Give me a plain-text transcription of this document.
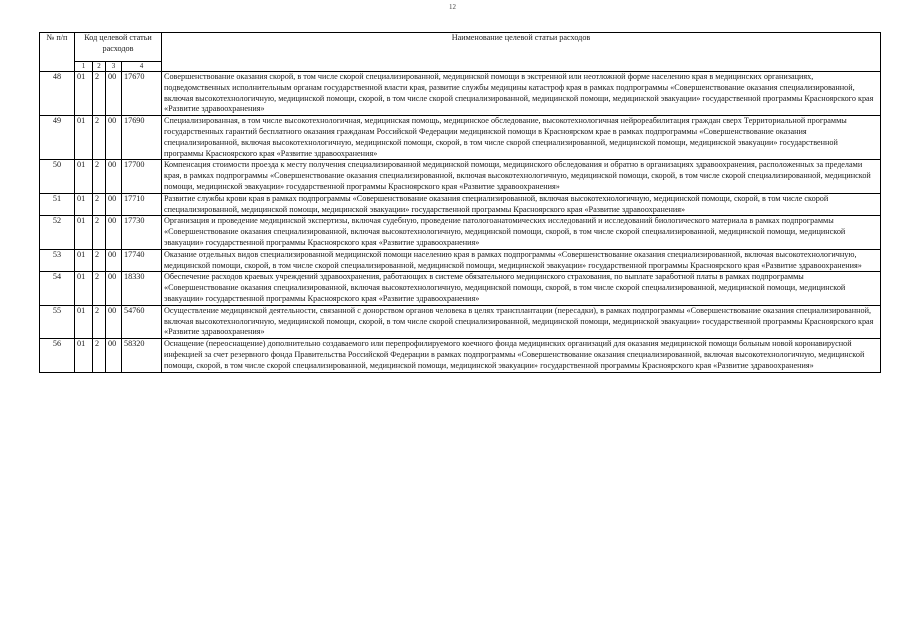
12
№ п/п	Код целевой статьи расходов				Наименование целевой статьи расходов
	1	2	3	4	
48	01	2	00	17670	Совершенствование оказания скорой, в том числе скорой специализированной, медицинской помощи в экстренной или неотложной форме населению края в медицинских организациях, подведомственных исполнительным органам государственной власти края, развитие службы медицины катастроф края в рамках подпрограммы «Совершенствование оказания специализированной, включая высокотехнологичную, медицинской помощи, скорой, в том числе скорой специализированной, медицинской помощи, медицинской эвакуации» государственной программы Красноярского края «Развитие здравоохранения»
49	01	2	00	17690	Специализированная, в том числе высокотехнологичная, медицинская помощь, медицинское обследование, высокотехнологичная нейрореабилитация граждан сверх Территориальной программы государственных гарантий бесплатного оказания гражданам Российской Федерации медицинской помощи в Красноярском крае в рамках подпрограммы «Совершенствование оказания специализированной, включая высокотехнологичную, медицинской помощи, скорой, в том числе скорой специализированной, медицинской помощи, медицинской эвакуации» государственной программы Красноярского края «Развитие здравоохранения»
50	01	2	00	17700	Компенсация стоимости проезда к месту получения специализированной медицинской помощи, медицинского обследования и обратно в организациях здравоохранения, расположенных за пределами края, в рамках подпрограммы «Совершенствование оказания специализированной, включая высокотехнологичную, медицинской помощи, скорой, в том числе скорой специализированной, медицинской помощи, медицинской эвакуации» государственной программы Красноярского края «Развитие здравоохранения»
51	01	2	00	17710	Развитие службы крови края в рамках подпрограммы «Совершенствование оказания специализированной, включая высокотехнологичную, медицинской помощи, скорой, в том числе скорой специализированной, медицинской помощи, медицинской эвакуации» государственной программы Красноярского края «Развитие здравоохранения»
52	01	2	00	17730	Организация и проведение медицинской экспертизы, включая судебную, проведение патологоанатомических исследований и исследований биологического материала в рамках подпрограммы «Совершенствование оказания специализированной, включая высокотехнологичную, медицинской помощи, скорой, в том числе скорой специализированной, медицинской помощи, медицинской эвакуации» государственной программы Красноярского края «Развитие здравоохранения»
53	01	2	00	17740	Оказание отдельных видов специализированной медицинской помощи населению края в рамках подпрограммы «Совершенствование оказания специализированной, включая высокотехнологичную, медицинской помощи, скорой, в том числе скорой специализированной, медицинской помощи, медицинской эвакуации» государственной программы Красноярского края «Развитие здравоохранения»
54	01	2	00	18330	Обеспечение расходов краевых учреждений здравоохранения, работающих в системе обязательного медицинского страхования, по выплате заработной платы в рамках подпрограммы «Совершенствование оказания специализированной, включая высокотехнологичную, медицинской помощи, скорой, в том числе скорой специализированной, медицинской помощи, медицинской эвакуации» государственной программы Красноярского края «Развитие здравоохранения»
55	01	2	00	54760	Осуществление медицинской деятельности, связанной с донорством органов человека в целях трансплантации (пересадки), в рамках подпрограммы «Совершенствование оказания специализированной, включая высокотехнологичную, медицинской помощи, скорой, в том числе скорой специализированной, медицинской помощи, медицинской эвакуации» государственной программы Красноярского края «Развитие здравоохранения»
56	01	2	00	58320	Оснащение (переоснащение) дополнительно создаваемого или перепрофилируемого коечного фонда медицинских организаций для оказания медицинской помощи больным новой коронавирусной инфекцией за счет резервного фонда Правительства Российской Федерации в рамках подпрограммы «Совершенствование оказания специализированной, включая высокотехнологичную, медицинской помощи, скорой, в том числе скорой специализированной, медицинской помощи, медицинской эвакуации» государственной программы Красноярского края «Развитие здравоохранения»
